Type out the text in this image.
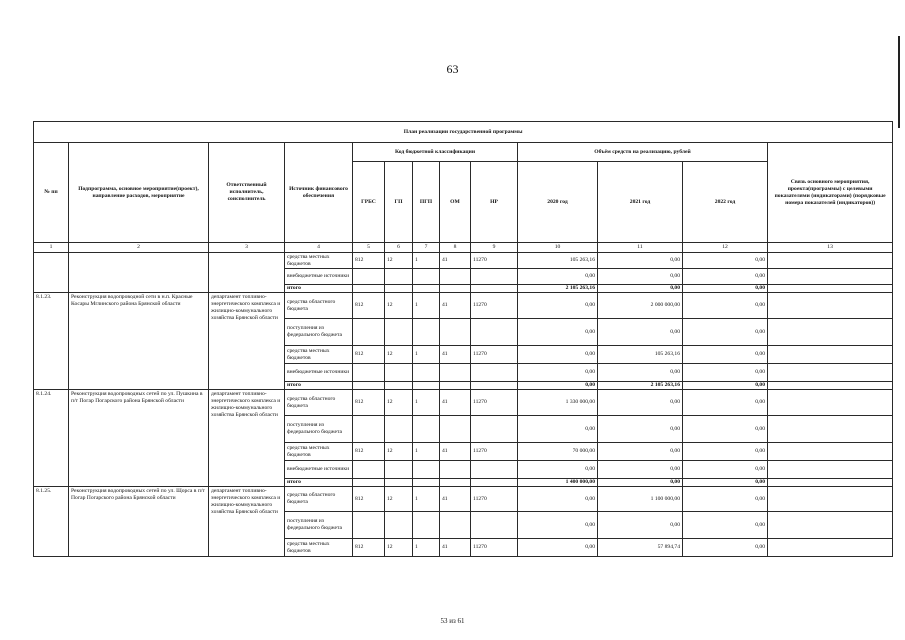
63
План реализации государственной программы												
№ пп	Подпрограмма, основное мероприятие(проект), направление расходов, мероприятие	Ответственный исполнитель, соисполнитель	Источник финансового обеспечения	Код бюджетной классификации					Объём средств на реализацию, рублей			Связь основного мероприятия, проекта(программы) с целевыми показателями (индикаторами) (порядковые номера показателей (индикаторов))
				ГРБС	ГП	ПГП	ОМ	НР	2020 год	2021 год	2022 год	
1	2	3	4	5	6	7	8	9	10	11	12	13
			средства местных бюджетов	812	12	1	41	11270	105 263,16	0,00	0,00	
			внебюджетные источники						0,00	0,00	0,00	
			итого						2 105 263,16	0,00	0,00	
8.1.23.	Реконструкция водопроводной сети в н.п. Красные Косары Мглинского района Брянской области	департамент топливно-энергетического комплекса и жилищно-коммунального хозяйства Брянской области	средства областного бюджета	812	12	1	41	11270	0,00	2 000 000,00	0,00	
			поступления из федерального бюджета						0,00	0,00	0,00	
			средства местных бюджетов	812	12	1	41	11270	0,00	105 263,16	0,00	
			внебюджетные источники						0,00	0,00	0,00	
			итого						0,00	2 105 263,16	0,00	
8.1.24.	Реконструкция водопроводных сетей по ул. Пушкина в п/т Погар Погарского района Брянской области	департамент топливно-энергетического комплекса и жилищно-коммунального хозяйства Брянской области	средства областного бюджета	812	12	1	41	11270	1 330 000,00	0,00	0,00	
			поступления из федерального бюджета						0,00	0,00	0,00	
			средства местных бюджетов	812	12	1	41	11270	70 000,00	0,00	0,00	
			внебюджетные источники						0,00	0,00	0,00	
			итого						1 400 000,00	0,00	0,00	
8.1.25.	Реконструкция водопроводных сетей по ул. Щорса в п/т Погар Погарского района Брянской области	департамент топливно-энергетического комплекса и жилищно-коммунального хозяйства Брянской области	средства областного бюджета	812	12	1	41	11270	0,00	1 100 000,00	0,00	
			поступления из федерального бюджета						0,00	0,00	0,00	
			средства местных бюджетов	812	12	1	41	11270	0,00	57 894,74	0,00	
53 из 61
